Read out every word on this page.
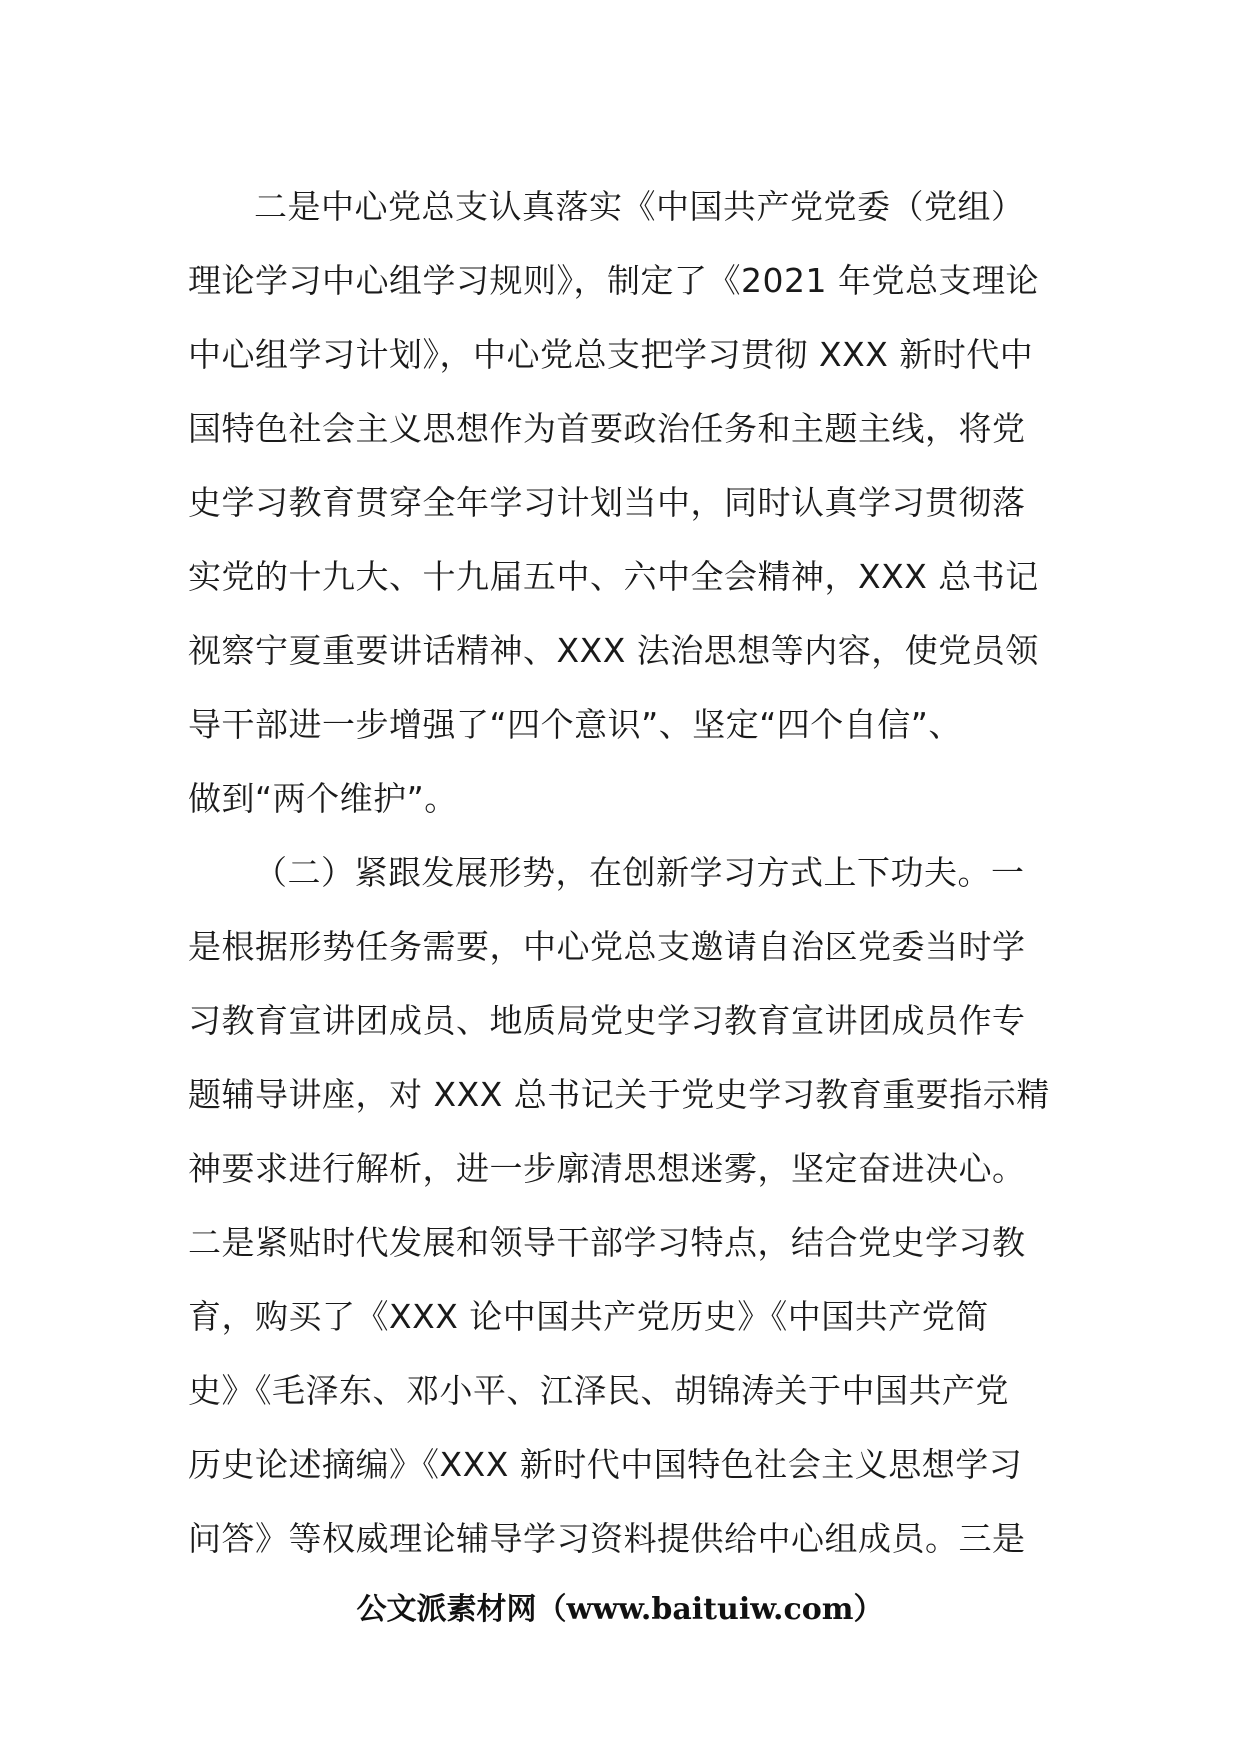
二是中心党总支认真落实《中国共产党党委（党组）
理论学习中心组学习规则》，制定了《2021 年党总支理论
中心组学习计划》，中心党总支把学习贯彻 XXX 新时代中
国特色社会主义思想作为首要政治任务和主题主线，将党
史学习教育贯穿全年学习计划当中，同时认真学习贯彻落
实党的十九大、十九届五中、六中全会精神，XXX 总书记
视察宁夏重要讲话精神、XXX 法治思想等内容，使党员领
导干部进一步增强了“四个意识”、坚定“四个自信”、
做到“两个维护”。
（二）紧跟发展形势，在创新学习方式上下功夫。一
是根据形势任务需要，中心党总支邀请自治区党委当时学
习教育宣讲团成员、地质局党史学习教育宣讲团成员作专
题辅导讲座，对 XXX 总书记关于党史学习教育重要指示精
神要求进行解析，进一步廓清思想迷雾，坚定奋进决心。
二是紧贴时代发展和领导干部学习特点，结合党史学习教
育，购买了《XXX 论中国共产党历史》《中国共产党简
史》《毛泽东、邓小平、江泽民、胡锦涛关于中国共产党
历史论述摘编》《XXX 新时代中国特色社会主义思想学习
问答》等权威理论辅导学习资料提供给中心组成员。三是
公文派素材网（www.baituiw.com）
